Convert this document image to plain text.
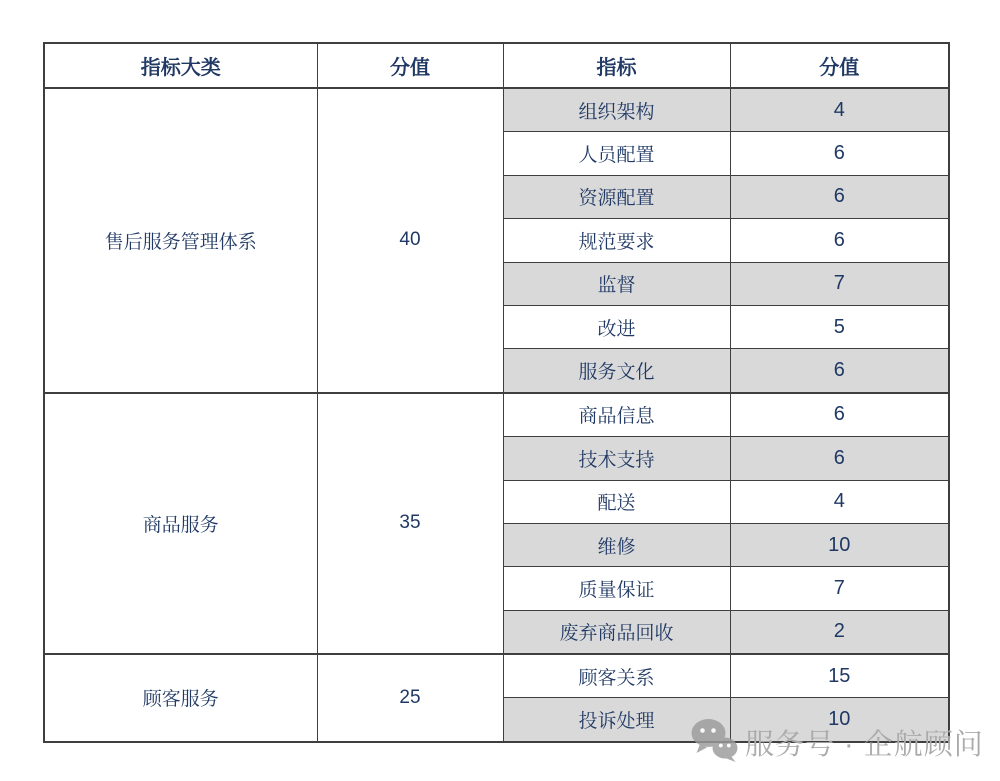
指标大类	分值	指标	分值
售后服务管理体系	40	组织架构	4
		人员配置	6
		资源配置	6
		规范要求	6
		监督	7
		改进	5
		服务文化	6
商品服务	35	商品信息	6
		技术支持	6
		配送	4
		维修	10
		质量保证	7
		废弃商品回收	2
顾客服务	25	顾客关系	15
		投诉处理	10
服务号 · 企航顾问
